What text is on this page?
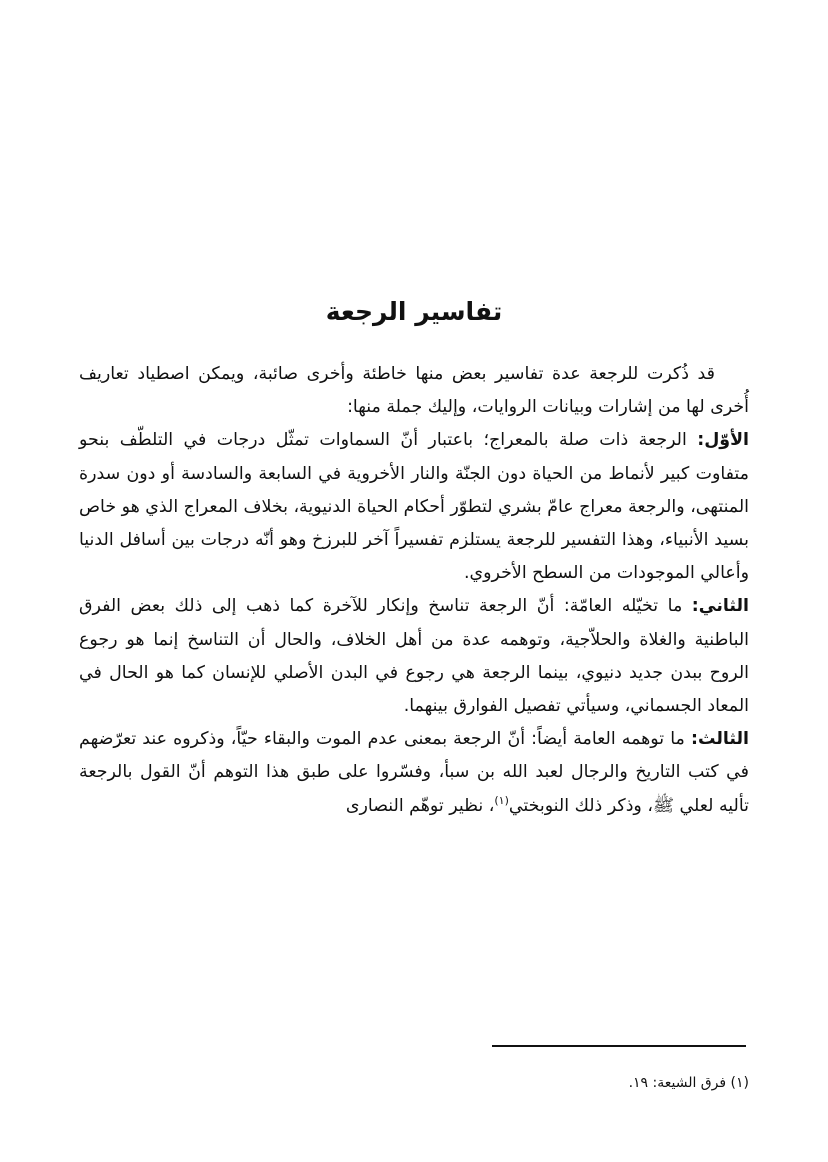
تفاسير الرجعة

قد ذُكرت للرجعة عدة تفاسير بعض منها خاطئة وأخرى صائبة، ويمكن اصطياد تعاريف أُخرى لها من إشارات وبيانات الروايات، وإليك جملة منها:

الأوّل: الرجعة ذات صلة بالمعراج؛ باعتبار أنّ السماوات تمثّل درجات في التلطّف بنحو متفاوت كبير لأنماط من الحياة دون الجنّة والنار الأخروية في السابعة والسادسة أو دون سدرة المنتهى، والرجعة معراج عامّ بشري لتطوّر أحكام الحياة الدنيوية، بخلاف المعراج الذي هو خاص بسيد الأنبياء، وهذا التفسير للرجعة يستلزم تفسيراً آخر للبرزخ وهو أنّه درجات بين أسافل الدنيا وأعالي الموجودات من السطح الأخروي.

الثاني: ما تخيّله العامّة: أنّ الرجعة تناسخ وإنكار للآخرة كما ذهب إلى ذلك بعض الفرق الباطنية والغلاة والحلاّجية، وتوهمه عدة من أهل الخلاف، والحال أن التناسخ إنما هو رجوع الروح ببدن جديد دنيوي، بينما الرجعة هي رجوع في البدن الأصلي للإنسان كما هو الحال في المعاد الجسماني، وسيأتي تفصيل الفوارق بينهما.

الثالث: ما توهمه العامة أيضاً: أنّ الرجعة بمعنى عدم الموت والبقاء حيّاً، وذكروه عند تعرّضهم في كتب التاريخ والرجال لعبد الله بن سبأ، وفسّروا على طبق هذا التوهم أنّ القول بالرجعة تأليه لعلي ﷺ، وذكر ذلك النوبختي$^{(١)}$، نظير توهّم النصارى

(١) فرق الشيعة: ١٩.
